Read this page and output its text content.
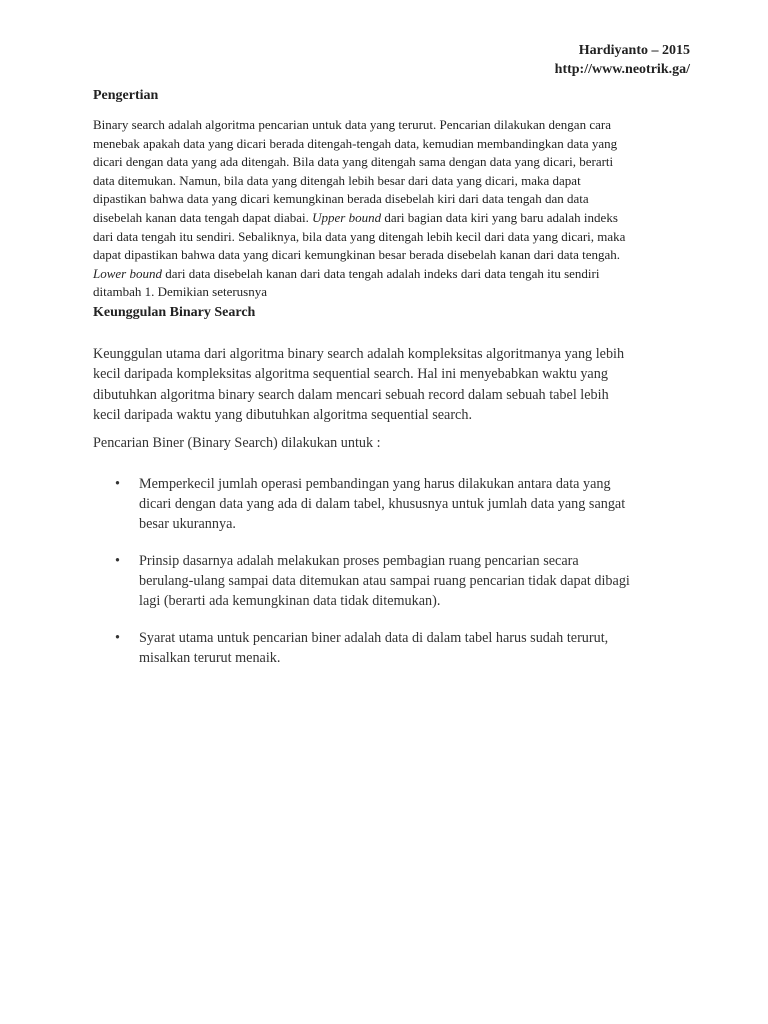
Hardiyanto – 2015
http://www.neotrik.ga/
Pengertian
Binary search adalah algoritma pencarian untuk data yang terurut. Pencarian dilakukan dengan cara
menebak apakah data yang dicari berada ditengah-tengah data, kemudian membandingkan data yang
dicari dengan data yang ada ditengah. Bila data yang ditengah sama dengan data yang dicari, berarti
data ditemukan. Namun, bila data yang ditengah lebih besar dari data yang dicari, maka dapat
dipastikan bahwa data yang dicari kemungkinan berada disebelah kiri dari data tengah dan data
disebelah kanan data tengah dapat diabai. Upper bound dari bagian data kiri yang baru adalah indeks
dari data tengah itu sendiri. Sebaliknya, bila data yang ditengah lebih kecil dari data yang dicari, maka
dapat dipastikan bahwa data yang dicari kemungkinan besar berada disebelah kanan dari data tengah.
Lower bound dari data disebelah kanan dari data tengah adalah indeks dari data tengah itu sendiri
ditambah 1. Demikian seterusnya
Keunggulan Binary Search
Keunggulan utama dari algoritma binary search adalah kompleksitas algoritmanya yang lebih
kecil daripada kompleksitas algoritma sequential search. Hal ini menyebabkan waktu yang
dibutuhkan algoritma binary search dalam mencari sebuah record dalam sebuah tabel lebih
kecil daripada waktu yang dibutuhkan algoritma sequential search.
Pencarian Biner (Binary Search) dilakukan untuk :
• Memperkecil jumlah operasi pembandingan yang harus dilakukan antara data yang
dicari dengan data yang ada di dalam tabel, khususnya untuk jumlah data yang sangat
besar ukurannya.
• Prinsip dasarnya adalah melakukan proses pembagian ruang pencarian secara
berulang-ulang sampai data ditemukan atau sampai ruang pencarian tidak dapat dibagi
lagi (berarti ada kemungkinan data tidak ditemukan).
• Syarat utama untuk pencarian biner adalah data di dalam tabel harus sudah terurut,
misalkan terurut menaik.
